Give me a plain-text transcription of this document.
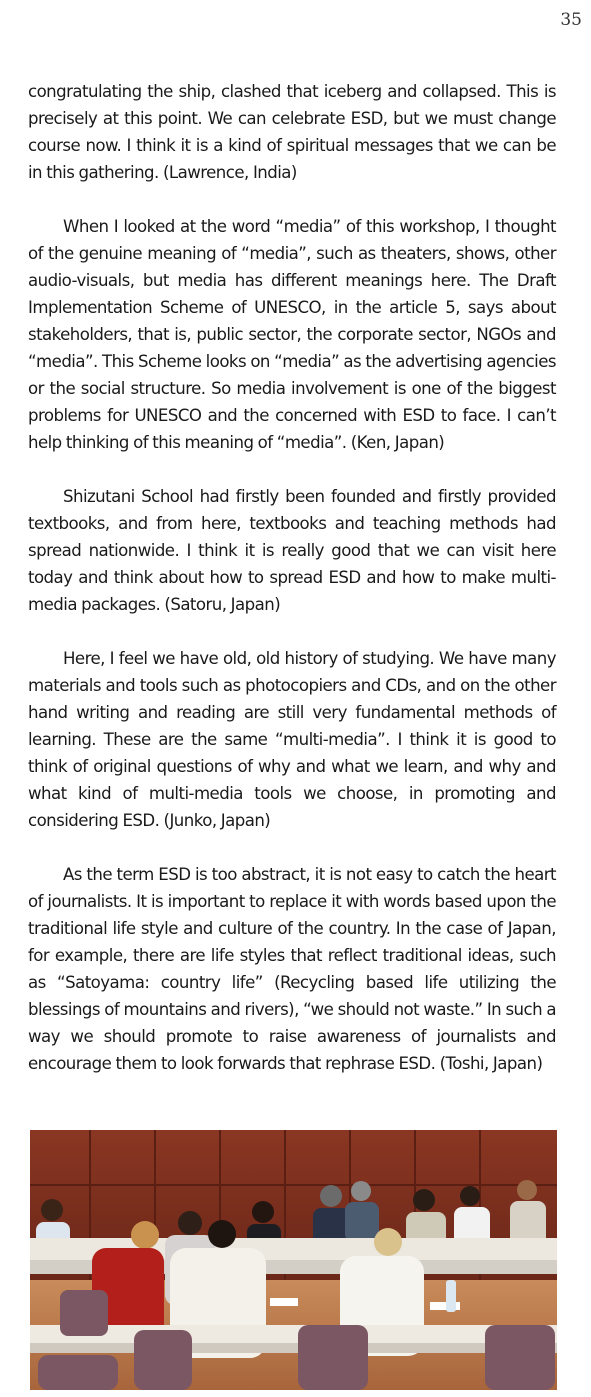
35

congratulating the ship, clashed that iceberg and collapsed. This is precisely at this point. We can celebrate ESD, but we must change course now. I think it is a kind of spiritual messages that we can be in this gathering. (Lawrence, India)

When I looked at the word “media” of this workshop, I thought of the genuine meaning of “media”, such as theaters, shows, other audio-visuals, but media has different meanings here. The Draft Implementation Scheme of UNESCO, in the article 5, says about stakeholders, that is, public sector, the corporate sector, NGOs and “media”. This Scheme looks on “media” as the advertising agencies or the social structure. So media involvement is one of the biggest problems for UNESCO and the concerned with ESD to face. I can’t help thinking of this meaning of “media”. (Ken, Japan)

Shizutani School had firstly been founded and firstly provided textbooks, and from here, textbooks and teaching methods had spread nationwide. I think it is really good that we can visit here today and think about how to spread ESD and how to make multi-media packages. (Satoru, Japan)

Here, I feel we have old, old history of studying. We have many materials and tools such as photocopiers and CDs, and on the other hand writing and reading are still very fundamental methods of learning. These are the same “multi-media”. I think it is good to think of original questions of why and what we learn, and why and what kind of multi-media tools we choose, in promoting and considering ESD. (Junko, Japan)

As the term ESD is too abstract, it is not easy to catch the heart of journalists. It is important to replace it with words based upon the traditional life style and culture of the country. In the case of Japan, for example, there are life styles that reflect traditional ideas, such as “Satoyama: country life” (Recycling based life utilizing the blessings of mountains and rivers), “we should not waste.” In such a way we should promote to raise awareness of journalists and encourage them to look forwards that rephrase ESD. (Toshi, Japan)
